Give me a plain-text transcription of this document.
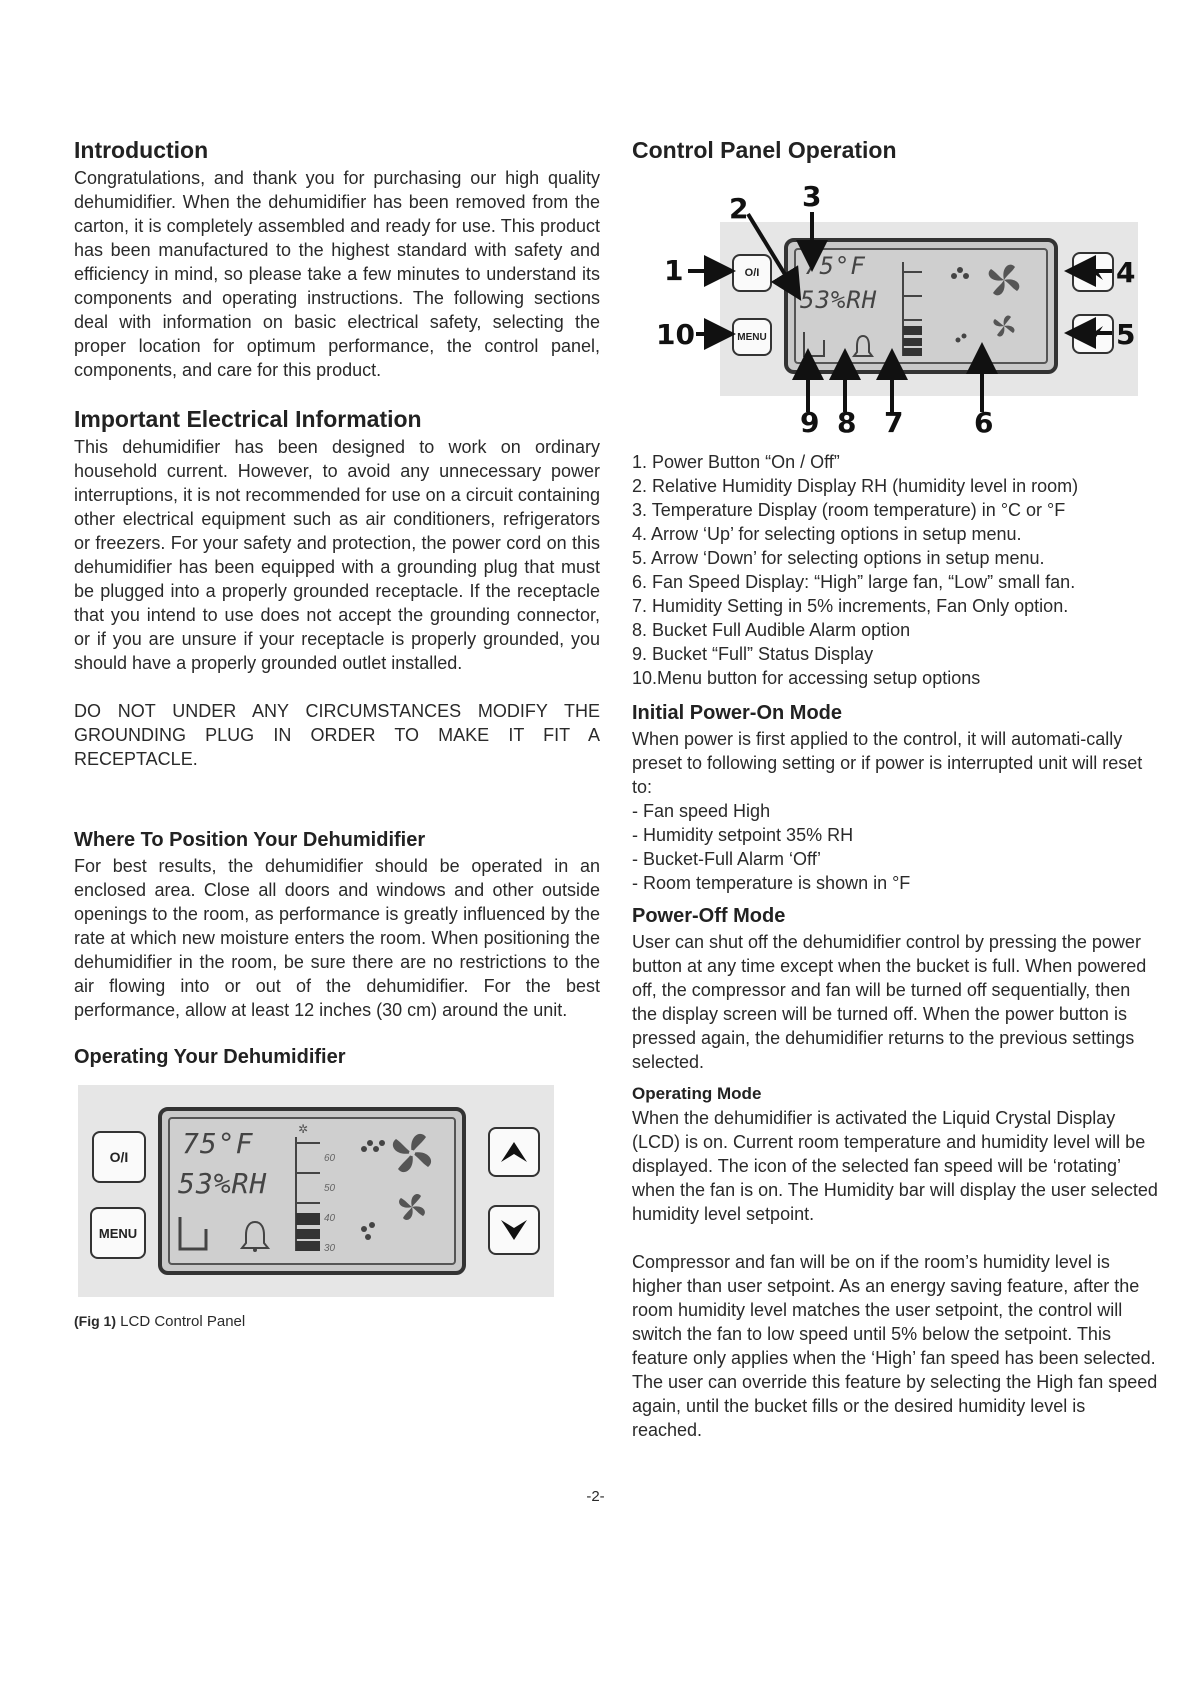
Introduction

Congratulations, and thank you for purchasing our high quality dehumidifier. When the dehumidifier has been removed from the carton, it is completely assembled and ready for use. This product has been manufactured to the highest standard with safety and efficiency in mind, so please take a few minutes to understand its components and operating instructions. The following sections deal with information on basic electrical safety, selecting the proper location for optimum performance, the control panel, components, and care for this product.

Important Electrical Information

This dehumidifier has been designed to work on ordinary household current. However, to avoid any unnecessary power interruptions, it is not recommended for use on a circuit containing other electrical equipment such as air conditioners, refrigerators or freezers. For your safety and protection, the power cord on this dehumidifier has been equipped with a grounding plug that must be plugged into a properly grounded receptacle. If the receptacle that you intend to use does not accept the grounding connector, or if you are unsure if your receptacle is properly grounded, you should have a properly grounded outlet installed.

DO NOT UNDER ANY CIRCUMSTANCES MODIFY THE GROUNDING PLUG IN ORDER TO MAKE IT FIT A RECEPTACLE.

Where To Position Your Dehumidifier

For best results, the dehumidifier should be operated in an enclosed area. Close all doors and windows and other outside openings to the room, as performance is greatly influenced by the rate at which new moisture enters the room. When positioning the dehumidifier in the room, be sure there are no restrictions to the air flowing into or out of the dehumidifier. For the best performance, allow at least 12 inches (30 cm) around the unit.

Operating Your Dehumidifier
O/I
MENU
75°F
53%RH
✲
60
50
40
30
(Fig 1) LCD Control Panel
Control Panel Operation
O/I
MENU
75°F
53%RH
1
2 3
4
5
6
7
8
9
10
1. Power Button “On / Off”
2. Relative Humidity Display RH (humidity level in room)
3. Temperature Display (room temperature) in °C or °F
4. Arrow ‘Up’ for selecting options in setup menu.
5. Arrow ‘Down’ for selecting options in setup menu.
6. Fan Speed Display: “High” large fan, “Low” small fan.
7. Humidity Setting in 5% increments, Fan Only option.
8. Bucket Full Audible Alarm option
9. Bucket “Full” Status Display
10.Menu button for accessing setup options
Initial Power-On Mode

When power is first applied to the control, it will automati-cally preset to following setting or if power is interrupted unit will reset to:

- Fan speed High

- Humidity setpoint 35% RH

- Bucket-Full Alarm ‘Off’

- Room temperature is shown in °F

Power-Off Mode

User can shut off the dehumidifier control by pressing the power button at any time except when the bucket is full. When powered off, the compressor and fan will be turned off sequentially, then the display screen will be turned off. When the power button is pressed again, the dehumidifier returns to the previous settings selected.

Operating Mode

When the dehumidifier is activated the Liquid Crystal Display (LCD) is on. Current room temperature and humidity level will be displayed. The icon of the selected fan speed will be ‘rotating’ when the fan is on. The Humidity bar will display the user selected humidity level setpoint.

Compressor and fan will be on if the room’s humidity level is higher than user setpoint. As an energy saving feature, after the room humidity level matches the user setpoint, the control will switch the fan to low speed until 5% below the setpoint. This feature only applies when the ‘High’ fan speed has been selected. The user can override this feature by selecting the High fan speed again, until the bucket fills or the desired humidity level is reached.

-2-
